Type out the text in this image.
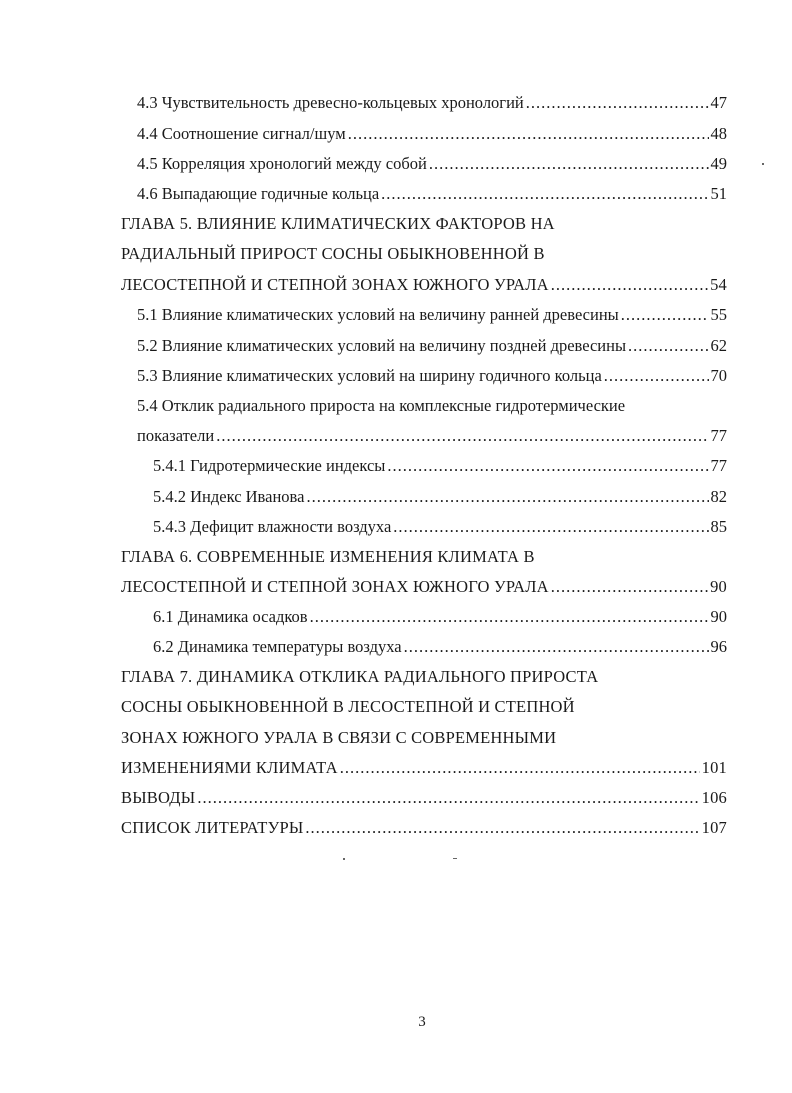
4.3 Чувствительность древесно-кольцевых хронологий .....	47
4.4 Соотношение сигнал/шум .....	48
4.5 Корреляция хронологий между собой .....	49
4.6 Выпадающие годичные кольца .....	51
ГЛАВА 5. ВЛИЯНИЕ КЛИМАТИЧЕСКИХ ФАКТОРОВ НА
РАДИАЛЬНЫЙ ПРИРОСТ СОСНЫ ОБЫКНОВЕННОЙ В
ЛЕСОСТЕПНОЙ И СТЕПНОЙ ЗОНАХ ЮЖНОГО УРАЛА .....	54
5.1 Влияние климатических условий на величину ранней древесины .....	55
5.2 Влияние климатических условий на величину поздней древесины .....	62
5.3 Влияние климатических условий на ширину годичного кольца .....	70
5.4 Отклик радиального прироста на комплексные гидротермические
показатели .....	77
5.4.1 Гидротермические индексы .....	77
5.4.2 Индекс Иванова .....	82
5.4.3 Дефицит влажности воздуха .....	85
ГЛАВА 6. СОВРЕМЕННЫЕ ИЗМЕНЕНИЯ КЛИМАТА В
ЛЕСОСТЕПНОЙ И СТЕПНОЙ ЗОНАХ ЮЖНОГО УРАЛА .....	90
6.1 Динамика осадков .....	90
6.2 Динамика температуры воздуха .....	96
ГЛАВА 7. ДИНАМИКА ОТКЛИКА РАДИАЛЬНОГО ПРИРОСТА
СОСНЫ ОБЫКНОВЕННОЙ В ЛЕСОСТЕПНОЙ И СТЕПНОЙ
ЗОНАХ ЮЖНОГО УРАЛА В СВЯЗИ С СОВРЕМЕННЫМИ
ИЗМЕНЕНИЯМИ КЛИМАТА .....	101
ВЫВОДЫ .....	106
СПИСОК ЛИТЕРАТУРЫ .....	107
3
